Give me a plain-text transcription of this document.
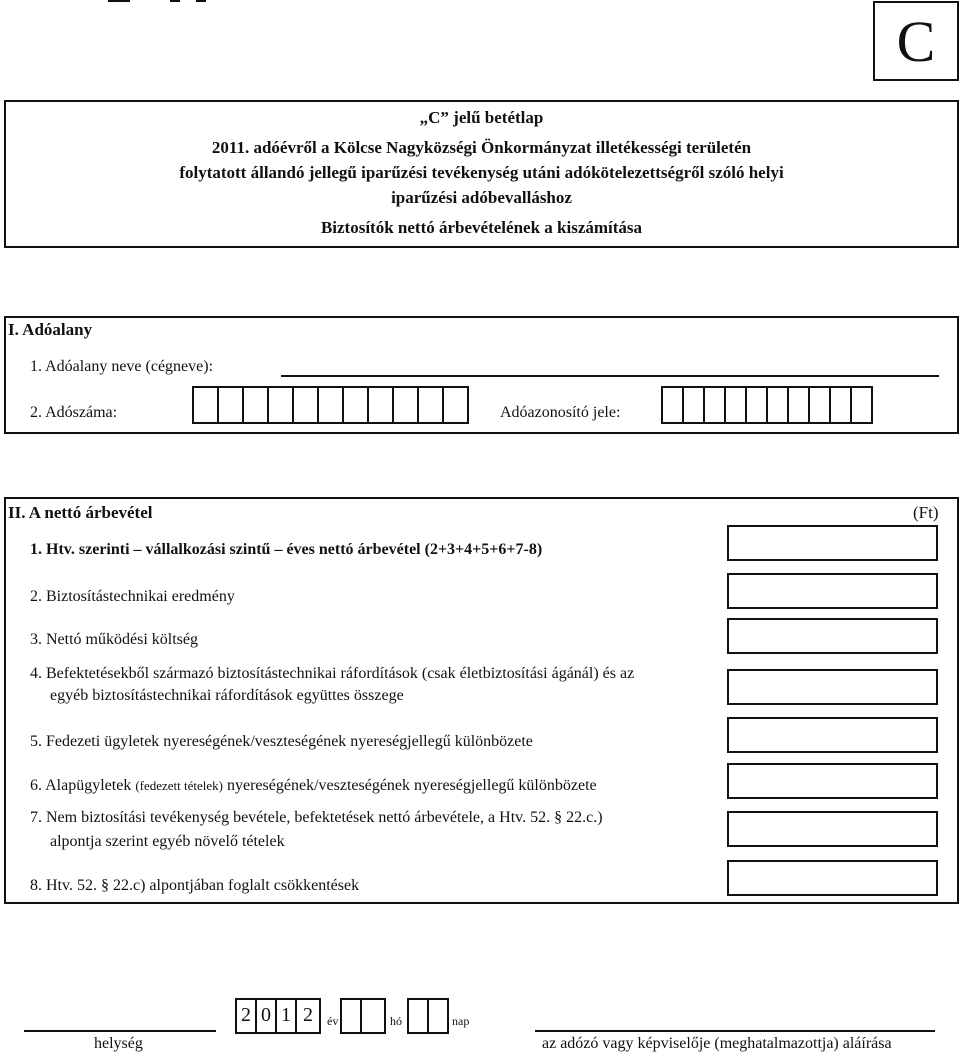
C
„C” jelű betétlap
2011. adóévről a Kölcse Nagyközségi Önkormányzat illetékességi területén
folytatott állandó jellegű iparűzési tevékenység utáni adókötelezettségről szóló helyi
iparűzési adóbevalláshoz
Biztosítók nettó árbevételének a kiszámítása
I. Adóalany
1. Adóalany neve (cégneve):
2. Adószáma:	Adóazonosító jele:
II. A nettó árbevétel	(Ft)
1. Htv. szerinti – vállalkozási szintű – éves nettó árbevétel (2+3+4+5+6+7-8)
2. Biztosítástechnikai eredmény
3. Nettó működési költség
4. Befektetésekből származó biztosítástechnikai ráfordítások (csak életbiztosítási ágánál) és az
egyéb biztosítástechnikai ráfordítások együttes összege
5. Fedezeti ügyletek nyereségének/veszteségének nyereségjellegű különbözete
6. Alapügyletek (fedezett tételek) nyereségének/veszteségének nyereségjellegű különbözete
7. Nem biztosítási tevékenység bevétele, befektetések nettó árbevétele, a Htv. 52. § 22.c.)
alpontja szerint egyéb növelő tételek
8. Htv. 52. § 22.c) alpontjában foglalt csökkentések
helység
2 0 1 2	év	hó	nap
az adózó vagy képviselője (meghatalmazottja) aláírása
